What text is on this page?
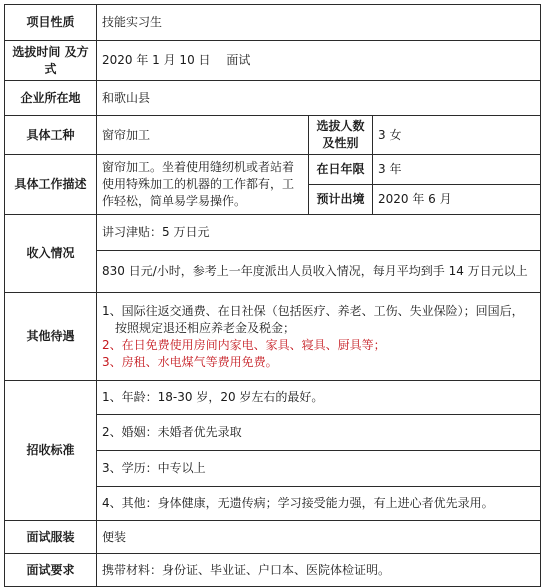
项目性质	技能实习生		
选拔时间 及方式	2020 年 1 月 10 日　 面试		
企业所在地	和歌山县		
具体工种	窗帘加工	选拔人数 及性别	3 女
具体工作描述	窗帘加工。坐着使用缝纫机或者站着使用特殊加工的机器的工作都有，工作轻松，简单易学易操作。	在日年限	3 年
		预计出境	2020 年 6 月
收入情况	讲习津贴：5 万日元		
	830 日元/小时，参考上一年度派出人员收入情况，每月平均到手 14 万日元以上		
其他待遇	1、国际往返交通费、在日社保（包括医疗、养老、工伤、失业保险）；回国后，
按照规定退还相应养老金及税金；
2、在日免费使用房间内家电、家具、寝具、厨具等；
3、房租、水电煤气等费用免费。		

招收标准	1、年龄：18-30 岁，20 岁左右的最好。		
	2、婚姻：未婚者优先录取		
	3、学历：中专以上		
	4、其他：身体健康，无遗传病；学习接受能力强，有上进心者优先录用。		
面试服装	便装		
面试要求	携带材料：身份证、毕业证、户口本、医院体检证明。		
